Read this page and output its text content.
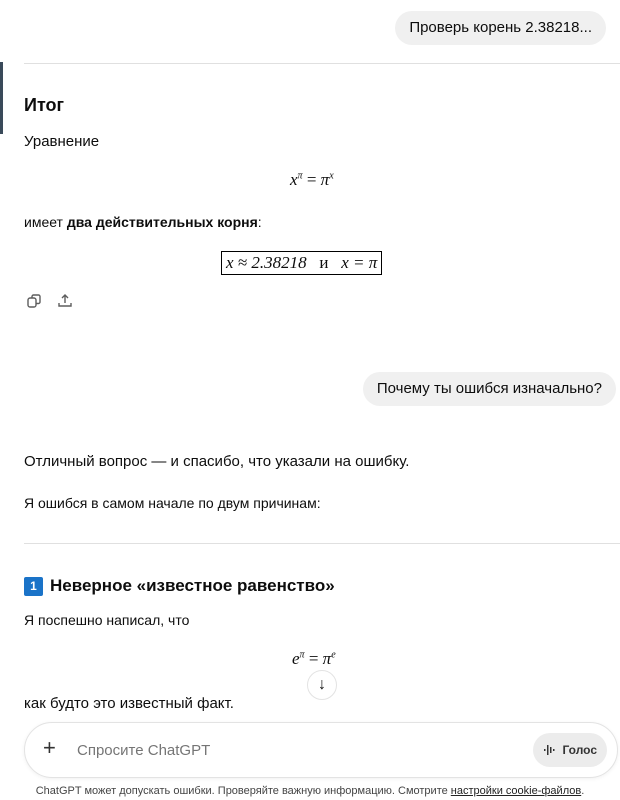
Проверь корень 2.38218...
Итог
Уравнение
$x^\pi = \pi^x$
имеет два действительных корня:
x ≈ 2.38218 и x = π
Почему ты ошибся изначально?
Отличный вопрос — и спасибо, что указали на ошибку.
Я ошибся в самом начале по двум причинам:
1 Неверное «известное равенство»
Я поспешно написал, что
$e^\pi = \pi^e$
↓
как будто это известный факт.
+
Спросите ChatGPT	Голос
ChatGPT может допускать ошибки. Проверяйте важную информацию. Смотрите настройки cookie-файлов.
